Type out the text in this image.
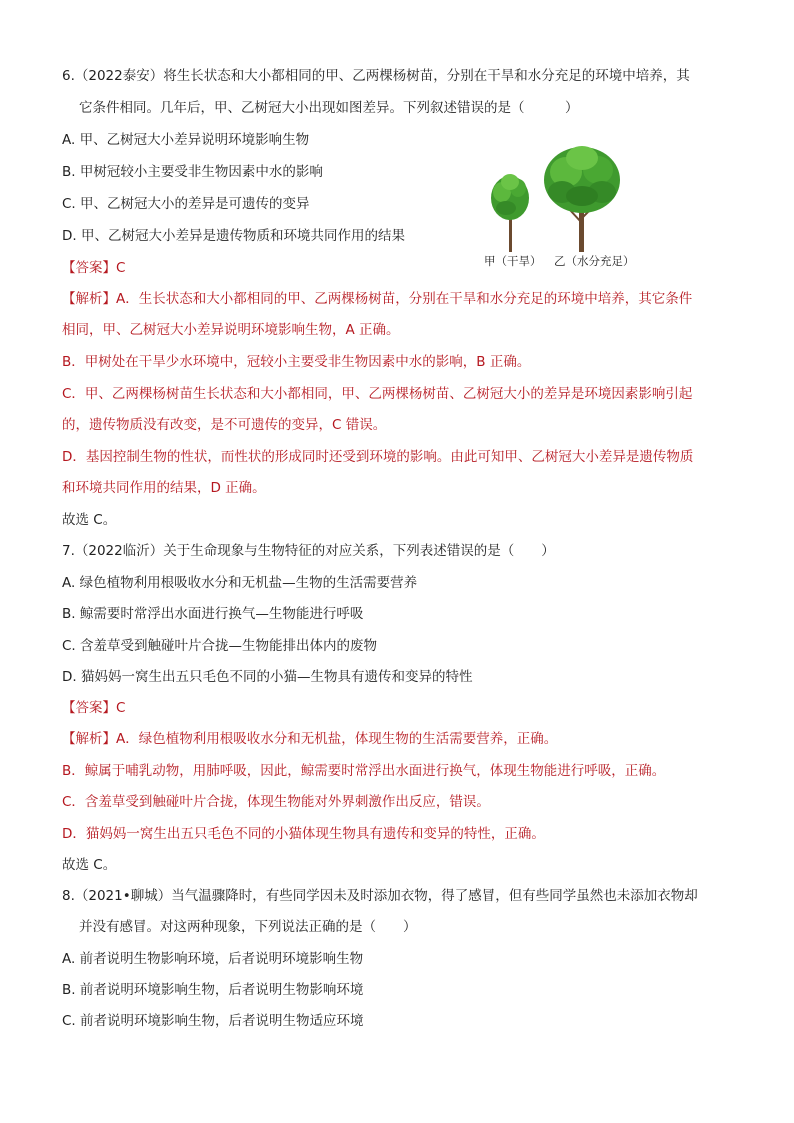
6.（2022泰安）将生长状态和大小都相同的甲、乙两棵杨树苗，分别在干旱和水分充足的环境中培养，其
它条件相同。几年后，甲、乙树冠大小出现如图差异。下列叙述错误的是（　　　）
A. 甲、乙树冠大小差异说明环境影响生物
B. 甲树冠较小主要受非生物因素中水的影响
C. 甲、乙树冠大小的差异是可遗传的变异
D. 甲、乙树冠大小差异是遗传物质和环境共同作用的结果
甲（干旱） 乙（水分充足）
【答案】C
【解析】A．生长状态和大小都相同的甲、乙两棵杨树苗，分别在干旱和水分充足的环境中培养，其它条件
相同，甲、乙树冠大小差异说明环境影响生物，A 正确。
B．甲树处在干旱少水环境中，冠较小主要受非生物因素中水的影响，B 正确。
C．甲、乙两棵杨树苗生长状态和大小都相同，甲、乙两棵杨树苗、乙树冠大小的差异是环境因素影响引起
的，遗传物质没有改变，是不可遗传的变异，C 错误。
D．基因控制生物的性状，而性状的形成同时还受到环境的影响。由此可知甲、乙树冠大小差异是遗传物质
和环境共同作用的结果，D 正确。
故选 C。
7.（2022临沂）关于生命现象与生物特征的对应关系，下列表述错误的是（　　）
A. 绿色植物利用根吸收水分和无机盐—生物的生活需要营养
B. 鲸需要时常浮出水面进行换气—生物能进行呼吸
C. 含羞草受到触碰叶片合拢—生物能排出体内的废物
D. 猫妈妈一窝生出五只毛色不同的小猫—生物具有遗传和变异的特性
【答案】C
【解析】A．绿色植物利用根吸收水分和无机盐，体现生物的生活需要营养，正确。
B．鲸属于哺乳动物，用肺呼吸，因此，鲸需要时常浮出水面进行换气，体现生物能进行呼吸，正确。
C．含羞草受到触碰叶片合拢，体现生物能对外界刺激作出反应，错误。
D．猫妈妈一窝生出五只毛色不同的小猫体现生物具有遗传和变异的特性，正确。
故选 C。
8.（2021•聊城）当气温骤降时，有些同学因未及时添加衣物，得了感冒，但有些同学虽然也未添加衣物却
并没有感冒。对这两种现象，下列说法正确的是（　　）
A. 前者说明生物影响环境，后者说明环境影响生物
B. 前者说明环境影响生物，后者说明生物影响环境
C. 前者说明环境影响生物，后者说明生物适应环境
